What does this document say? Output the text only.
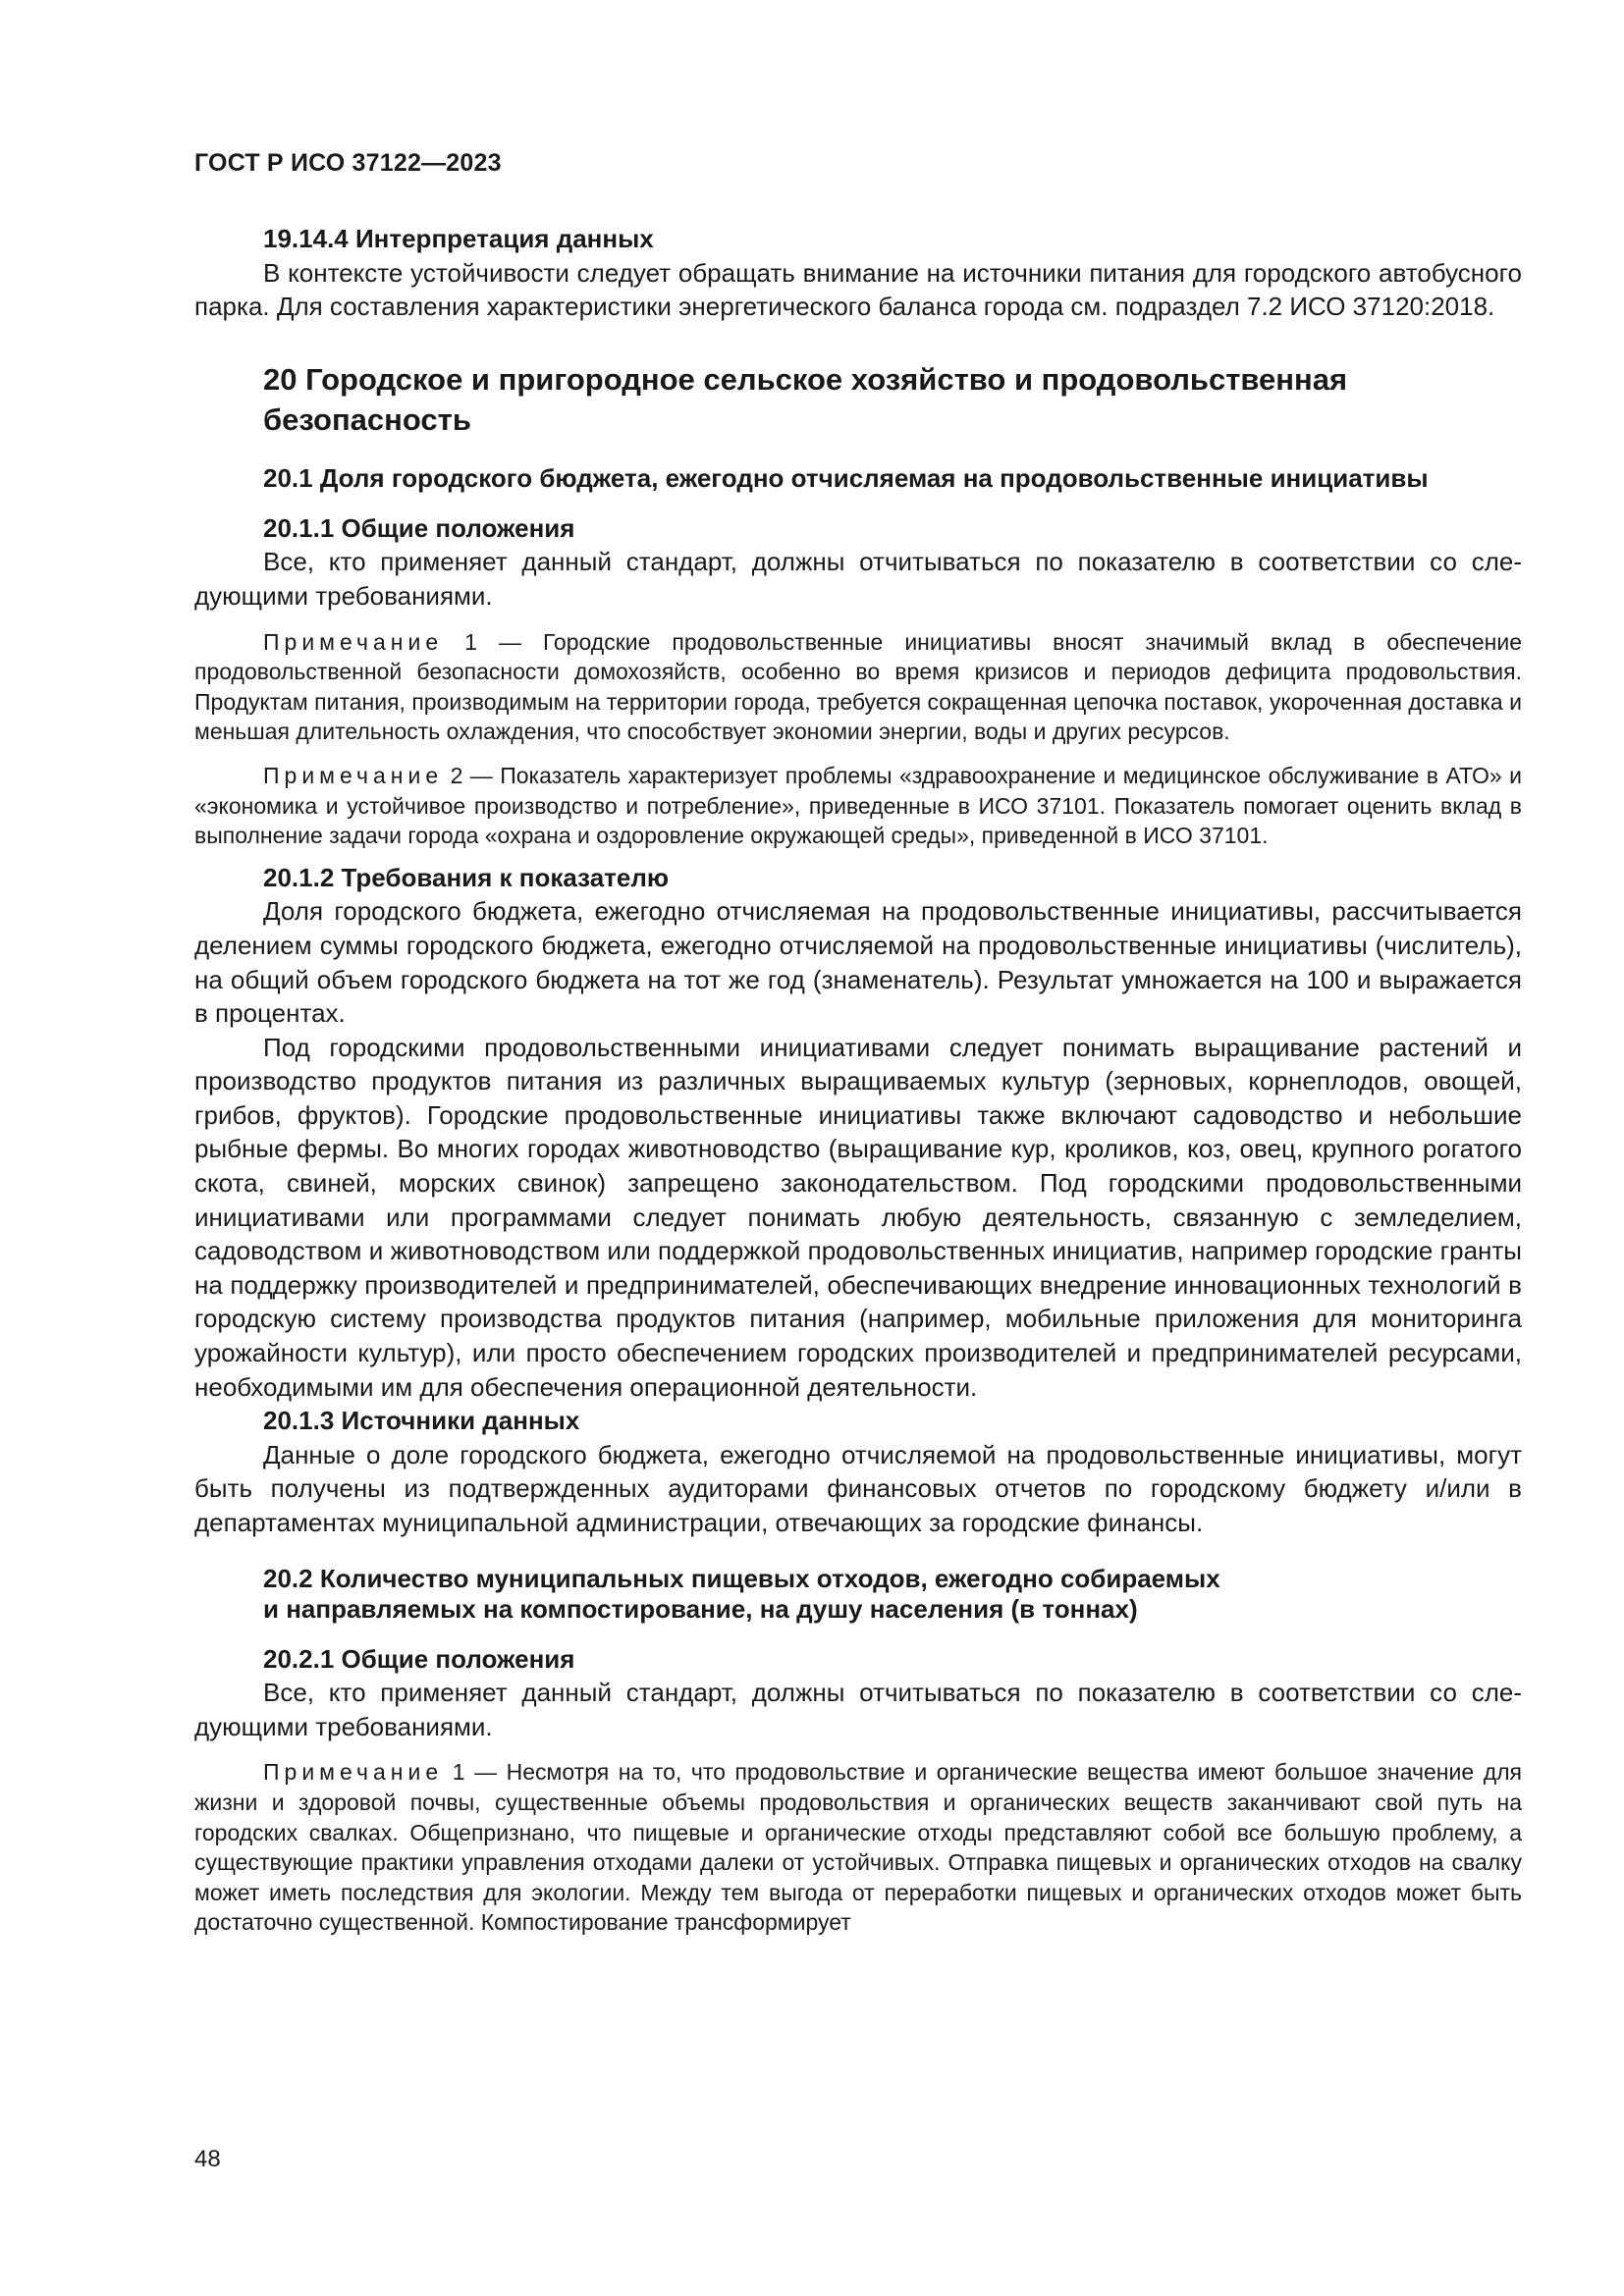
ГОСТ Р ИСО 37122—2023
19.14.4 Интерпретация данных

В контексте устойчивости следует обращать внимание на источники питания для городского автобусного парка. Для составления характеристики энергетического баланса города см. подраздел 7.2 ИСО 37120:2018.

20 Городское и пригородное сельское хозяйство и продовольственная безопасность
20.1 Доля городского бюджета, ежегодно отчисляемая на продовольственные инициативы
20.1.1 Общие положения

Все, кто применяет данный стандарт, должны отчитываться по показателю в соответствии со следующими требованиями.

Примечание 1 — Городские продовольственные инициативы вносят значимый вклад в обеспечение продовольственной безопасности домохозяйств, особенно во время кризисов и периодов дефицита продовольствия. Продуктам питания, производимым на территории города, требуется сокращенная цепочка поставок, укороченная доставка и меньшая длительность охлаждения, что способствует экономии энергии, воды и других ресурсов.

Примечание 2 — Показатель характеризует проблемы «здравоохранение и медицинское обслуживание в АТО» и «экономика и устойчивое производство и потребление», приведенные в ИСО 37101. Показатель помогает оценить вклад в выполнение задачи города «охрана и оздоровление окружающей среды», приведенной в ИСО 37101.

20.1.2 Требования к показателю

Доля городского бюджета, ежегодно отчисляемая на продовольственные инициативы, рассчитывается делением суммы городского бюджета, ежегодно отчисляемой на продовольственные инициативы (числитель), на общий объем городского бюджета на тот же год (знаменатель). Результат умножается на 100 и выражается в процентах.

Под городскими продовольственными инициативами следует понимать выращивание растений и производство продуктов питания из различных выращиваемых культур (зерновых, корнеплодов, овощей, грибов, фруктов). Городские продовольственные инициативы также включают садоводство и небольшие рыбные фермы. Во многих городах животноводство (выращивание кур, кроликов, коз, овец, крупного рогатого скота, свиней, морских свинок) запрещено законодательством. Под городскими продовольственными инициативами или программами следует понимать любую деятельность, связанную с земледелием, садоводством и животноводством или поддержкой продовольственных инициатив, например городские гранты на поддержку производителей и предпринимателей, обеспечивающих внедрение инновационных технологий в городскую систему производства продуктов питания (например, мобильные приложения для мониторинга урожайности культур), или просто обеспечением городских производителей и предпринимателей ресурсами, необходимыми им для обеспечения операционной деятельности.

20.1.3 Источники данных

Данные о доле городского бюджета, ежегодно отчисляемой на продовольственные инициативы, могут быть получены из подтвержденных аудиторами финансовых отчетов по городскому бюджету и/или в департаментах муниципальной администрации, отвечающих за городские финансы.

20.2 Количество муниципальных пищевых отходов, ежегодно собираемых
и направляемых на компостирование, на душу населения (в тоннах)
20.2.1 Общие положения

Все, кто применяет данный стандарт, должны отчитываться по показателю в соответствии со следующими требованиями.

Примечание 1 — Несмотря на то, что продовольствие и органические вещества имеют большое значение для жизни и здоровой почвы, существенные объемы продовольствия и органических веществ заканчивают свой путь на городских свалках. Общепризнано, что пищевые и органические отходы представляют собой все большую проблему, а существующие практики управления отходами далеки от устойчивых. Отправка пищевых и органических отходов на свалку может иметь последствия для экологии. Между тем выгода от переработки пищевых и органических отходов может быть достаточно существенной. Компостирование трансформирует

48
